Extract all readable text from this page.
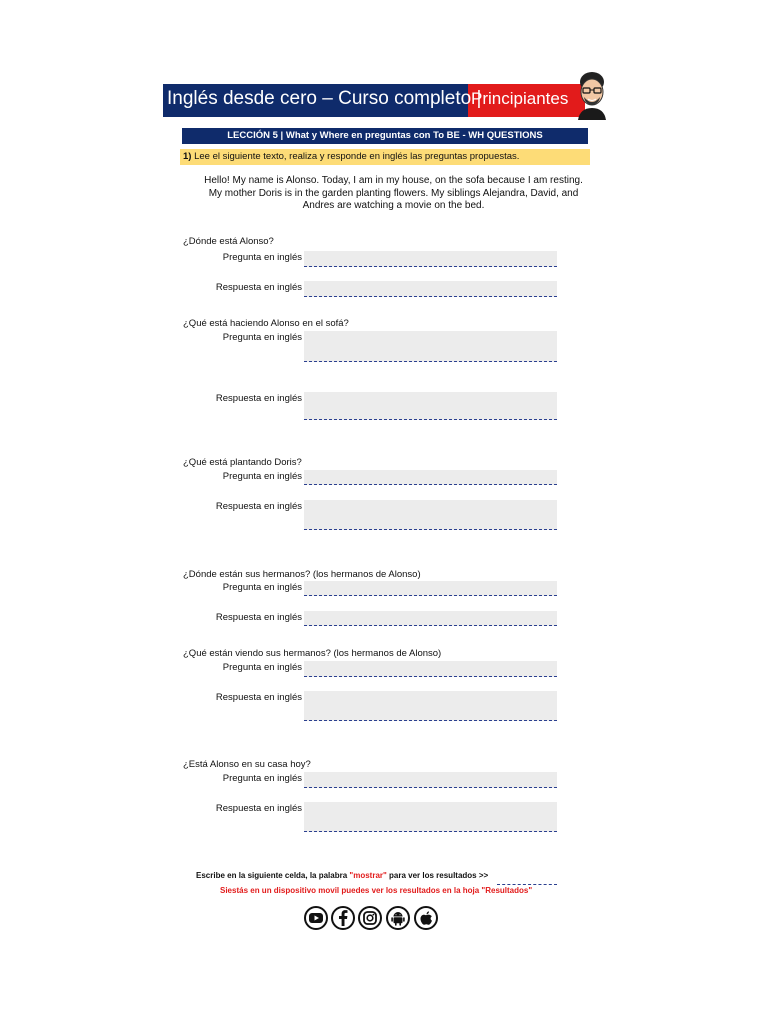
Inglés desde cero – Curso completo |
Principiantes
LECCIÓN 5 | What y Where en preguntas con To BE - WH QUESTIONS
1) Lee el siguiente texto, realiza y responde en inglés las preguntas propuestas.
Hello! My name is Alonso. Today, I am in my house, on the sofa because I am resting.
My mother Doris is in the garden planting flowers. My siblings Alejandra, David, and
Andres are watching a movie on the bed.
¿Dónde está Alonso?
Pregunta en inglés
Respuesta en inglés
¿Qué está haciendo Alonso en el sofá?
Pregunta en inglés
Respuesta en inglés
¿Qué está plantando Doris?
Pregunta en inglés
Respuesta en inglés
¿Dónde están sus hermanos? (los hermanos de Alonso)
Pregunta en inglés
Respuesta en inglés
¿Qué están viendo sus hermanos? (los hermanos de Alonso)
Pregunta en inglés
Respuesta en inglés
¿Está Alonso en su casa hoy?
Pregunta en inglés
Respuesta en inglés
Escribe en la siguiente celda, la palabra "mostrar" para ver los resultados >>
Siestás en un dispositivo movil puedes ver los resultados en la hoja "Resultados"
